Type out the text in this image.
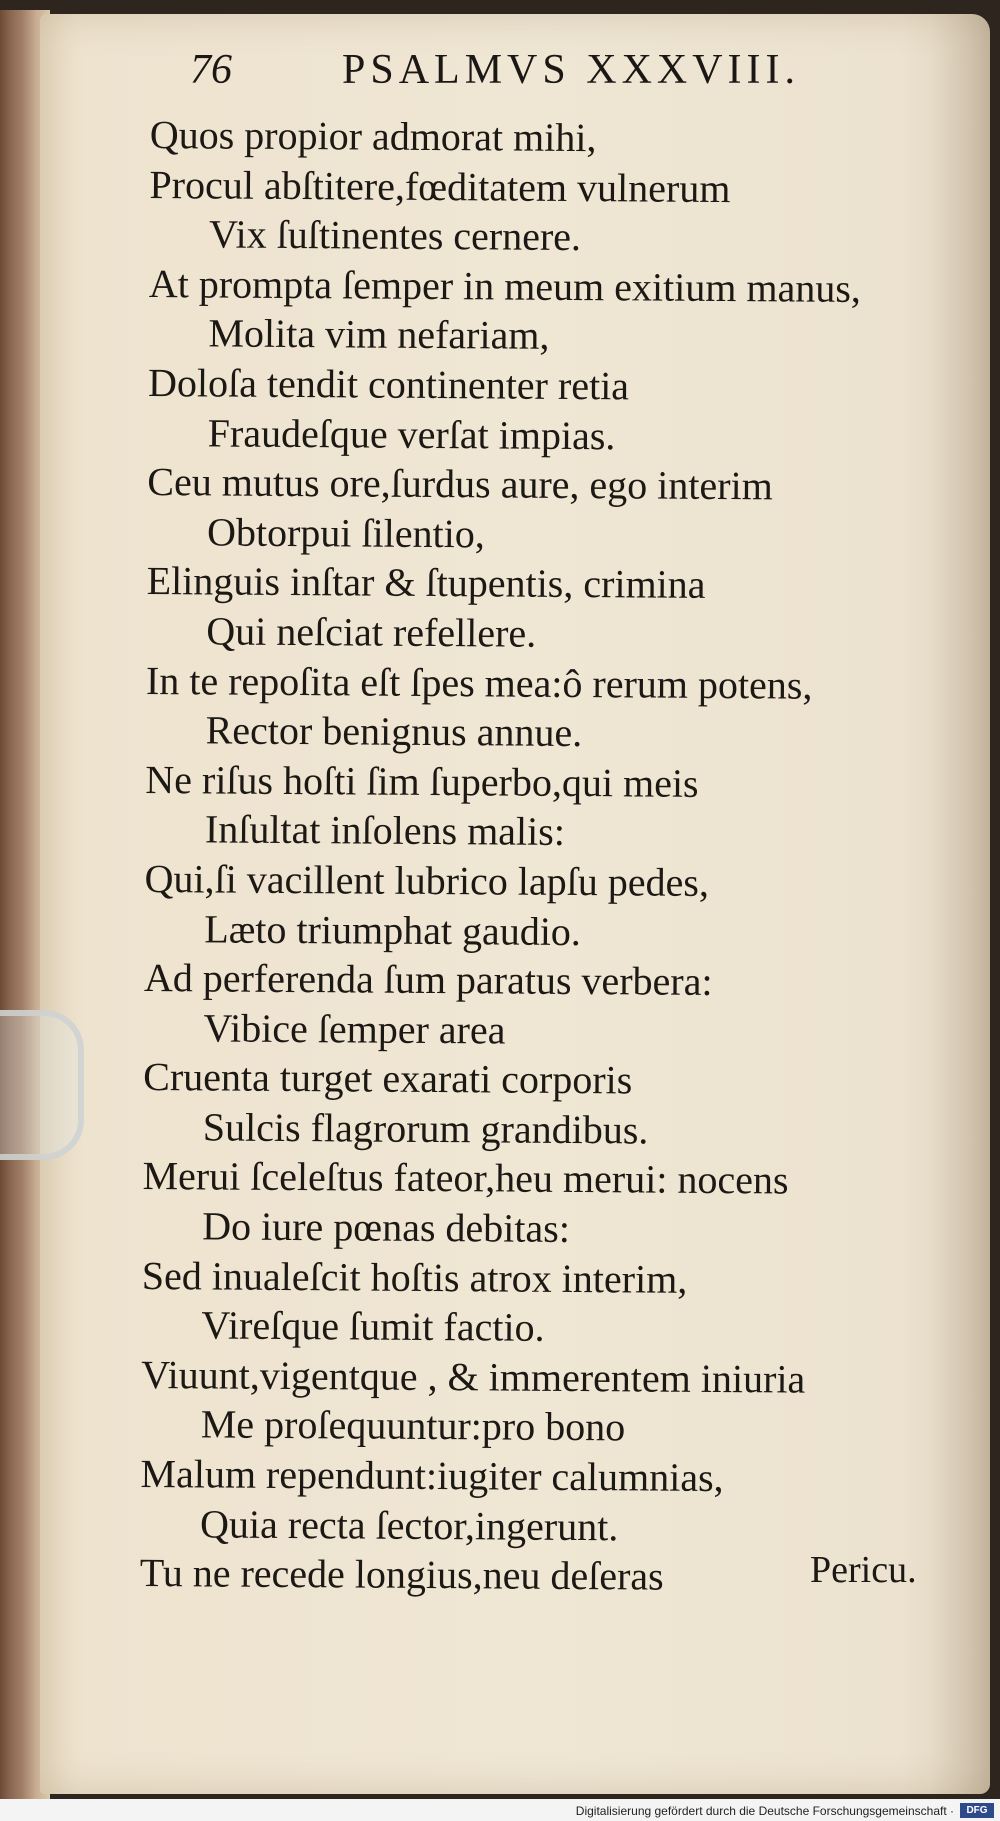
76	PSALMVS XXXVIII.
Quos propior admorat mihi,
Procul abſtitere,fœditatem vulnerum
Vix ſuſtinentes cernere.
At prompta ſemper in meum exitium manus,
Molita vim nefariam,
Doloſa tendit continenter retia
Fraudeſque verſat impias.
Ceu mutus ore,ſurdus aure, ego interim
Obtorpui ſilentio,
Elinguis inſtar & ſtupentis, crimina
Qui neſciat refellere.
In te repoſita eſt ſpes mea:ô rerum potens,
Rector benignus annue.
Ne riſus hoſti ſim ſuperbo,qui meis
Inſultat inſolens malis:
Qui,ſi vacillent lubrico lapſu pedes,
Læto triumphat gaudio.
Ad perferenda ſum paratus verbera:
Vibice ſemper area
Cruenta turget exarati corporis
Sulcis flagrorum grandibus.
Merui ſceleſtus fateor,heu merui: nocens
Do iure pœnas debitas:
Sed inualeſcit hoſtis atrox interim,
Vireſque ſumit factio.
Viuunt,vigentque , & immerentem iniuria
Me proſequuntur:pro bono
Malum rependunt:iugiter calumnias,
Quia recta ſector,ingerunt.
Tu ne recede longius,neu deſeras	Pericu.
Digitalisierung gefördert durch die Deutsche Forschungsgemeinschaft ·	DFG
